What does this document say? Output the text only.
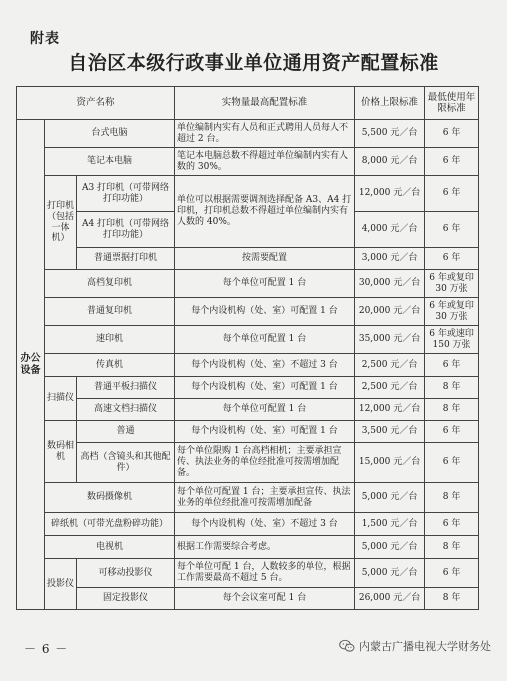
附表
自治区本级行政事业单位通用资产配置标准
资产名称			实物量最高配置标准	价格上限标准	最低使用年限标准
办公设备	台式电脑		单位编制内实有人员和正式聘用人员每人不超过 2 台。	5,500 元／台	6 年
	笔记本电脑		笔记本电脑总数不得超过单位编制内实有人数的 30%。	8,000 元／台	6 年
	打印机（包括一体机）	A3 打印机（可带网络打印功能）	单位可以根据需要调剂选择配备 A3、A4 打印机，打印机总数不得超过单位编制内实有人数的 40%。	12,000 元／台	6 年
		A4 打印机（可带网络打印功能）		4,000 元／台	6 年
		普通票据打印机	按需要配置	3,000 元／台	6 年
	高档复印机		每个单位可配置 1 台	30,000 元／台	6 年或复印 30 万张
	普通复印机		每个内设机构（处、室）可配置 1 台	20,000 元／台	6 年或复印 30 万张
	速印机		每个单位可配置 1 台	35,000 元／台	6 年或速印 150 万张
	传真机		每个内设机构（处、室）不超过 3 台	2,500 元／台	6 年
	扫描仪	普通平板扫描仪	每个内设机构（处、室）可配置 1 台	2,500 元／台	8 年
		高速文档扫描仪	每个单位可配置 1 台	12,000 元／台	8 年
	数码相机	普通	每个内设机构（处、室）可配置 1 台	3,500 元／台	6 年
		高档（含镜头和其他配件）	每个单位限购 1 台高档相机；主要承担宣传、执法业务的单位经批准可按需增加配备。	15,000 元／台	6 年
	数码摄像机		每个单位可配置 1 台；主要承担宣传、执法业务的单位经批准可按需增加配备	5,000 元／台	8 年
	碎纸机（可带光盘粉碎功能）		每个内设机构（处、室）不超过 3 台	1,500 元／台	6 年
	电视机		根据工作需要综合考虑。	5,000 元／台	8 年
	投影仪	可移动投影仪	每个单位可配 1 台，人数较多的单位，根据工作需要最高不超过 5 台。	5,000 元／台	6 年
		固定投影仪	每个会议室可配 1 台	26,000 元／台	8 年
－ 6 －	内蒙古广播电视大学财务处
